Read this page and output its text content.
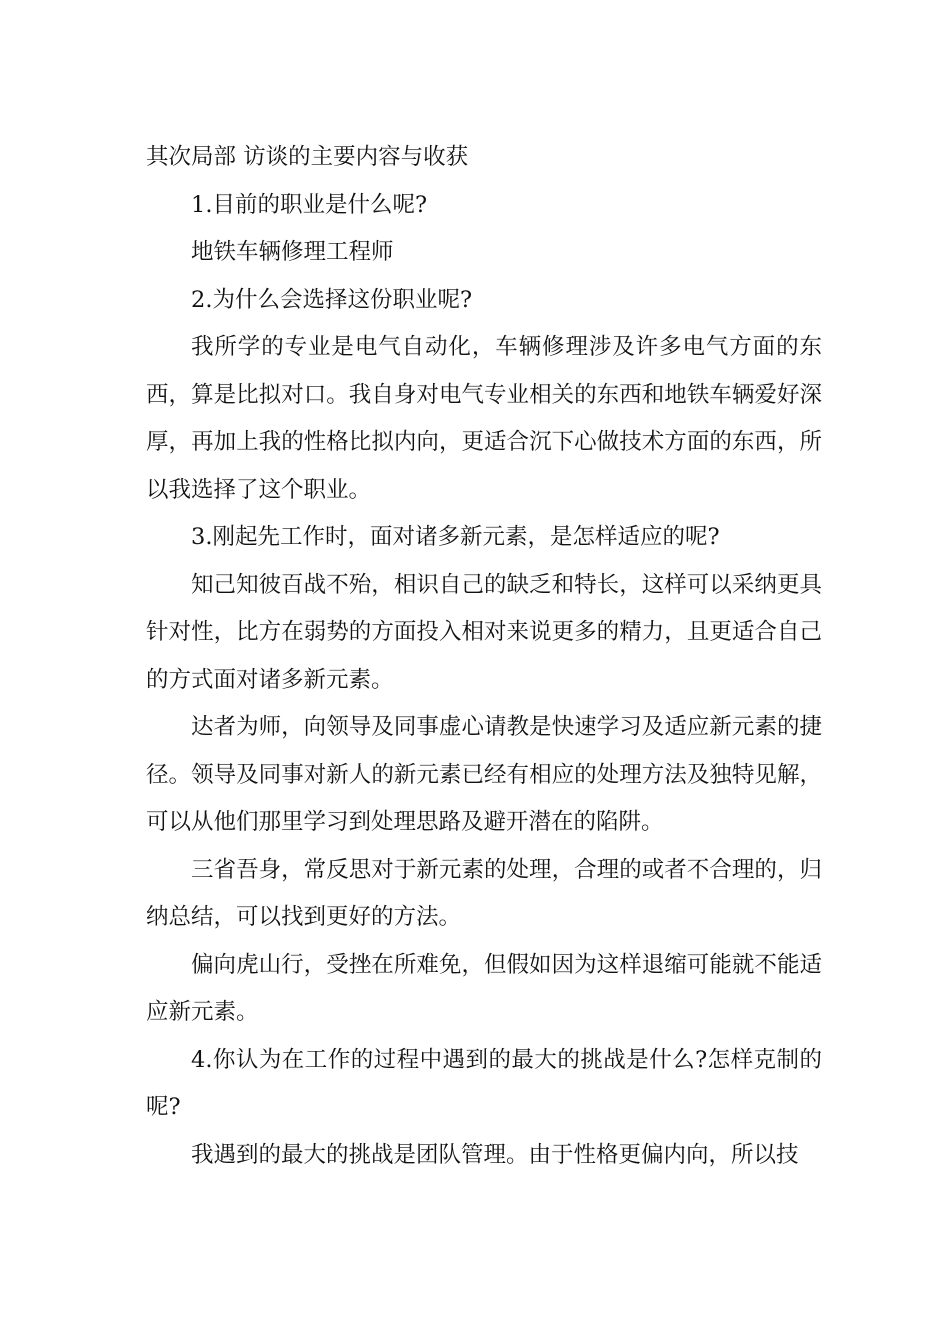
其次局部 访谈的主要内容与收获

1.目前的职业是什么呢?

地铁车辆修理工程师

2.为什么会选择这份职业呢?

我所学的专业是电气自动化，车辆修理涉及许多电气方面的东西，算是比拟对口。我自身对电气专业相关的东西和地铁车辆爱好深厚，再加上我的性格比拟内向，更适合沉下心做技术方面的东西，所以我选择了这个职业。

3.刚起先工作时，面对诸多新元素，是怎样适应的呢?

知己知彼百战不殆，相识自己的缺乏和特长，这样可以采纳更具针对性，比方在弱势的方面投入相对来说更多的精力，且更适合自己的方式面对诸多新元素。

达者为师，向领导及同事虚心请教是快速学习及适应新元素的捷径。领导及同事对新人的新元素已经有相应的处理方法及独特见解，可以从他们那里学习到处理思路及避开潜在的陷阱。

三省吾身，常反思对于新元素的处理，合理的或者不合理的，归纳总结，可以找到更好的方法。

偏向虎山行，受挫在所难免，但假如因为这样退缩可能就不能适应新元素。

4.你认为在工作的过程中遇到的最大的挑战是什么?怎样克制的呢?

我遇到的最大的挑战是团队管理。由于性格更偏内向，所以技
